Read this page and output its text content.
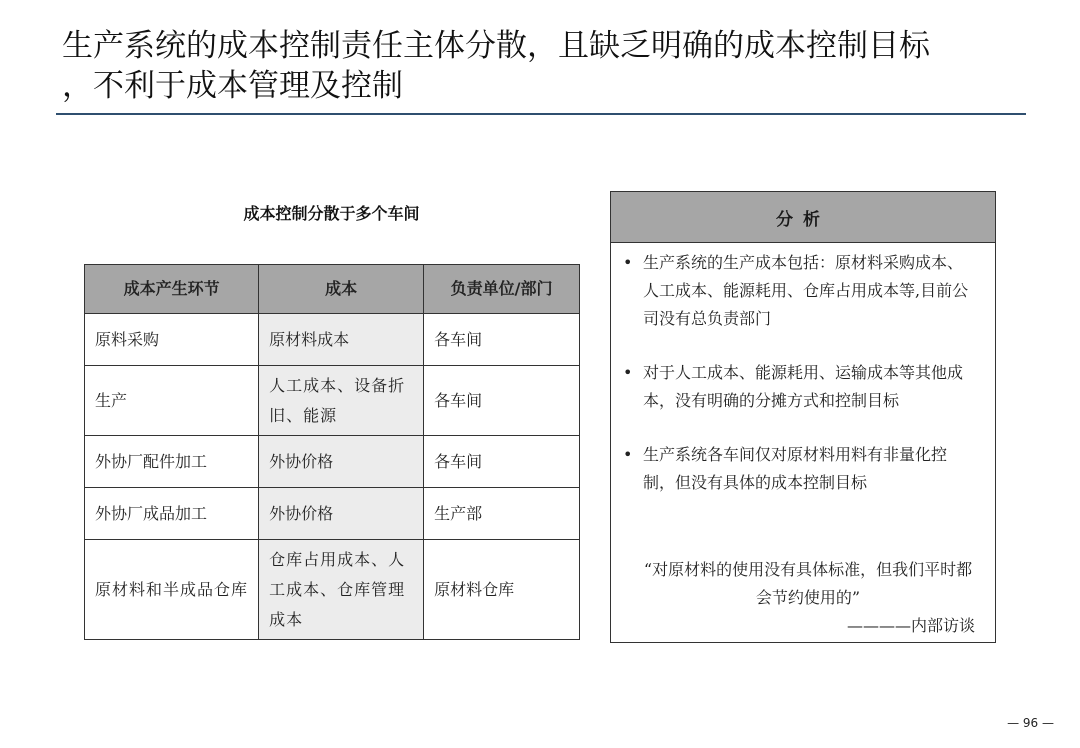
生产系统的成本控制责任主体分散，且缺乏明确的成本控制目标
，不利于成本管理及控制
成本控制分散于多个车间
成本产生环节	成本	负责单位/部门
原料采购	原材料成本	各车间
生产	人工成本、设备折旧、能源	各车间
外协厂配件加工	外协价格	各车间
外协厂成品加工	外协价格	生产部
原材料和半成品仓库	仓库占用成本、人工成本、仓库管理成本	原材料仓库
分析
• 生产系统的生产成本包括：原材料采购成本、人工成本、能源耗用、仓库占用成本等,目前公司没有总负责部门
• 对于人工成本、能源耗用、运输成本等其他成本，没有明确的分摊方式和控制目标
• 生产系统各车间仅对原材料用料有非量化控制，但没有具体的成本控制目标
“对原材料的使用没有具体标准，但我们平时都会节约使用的”
————内部访谈
— 96 —
